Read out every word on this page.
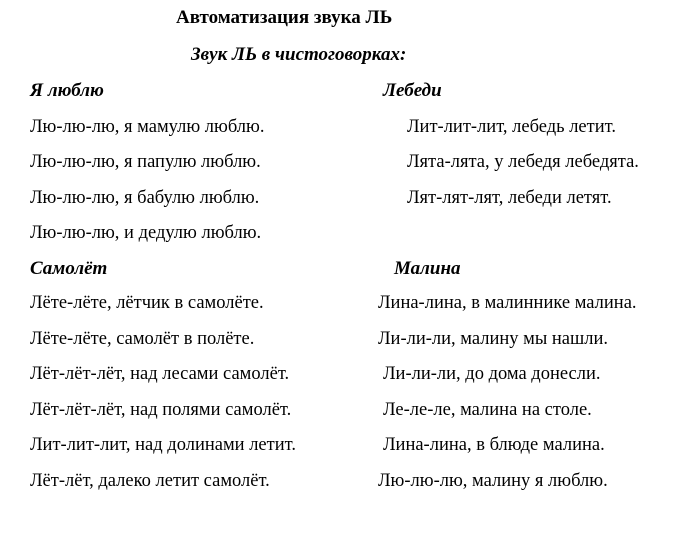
Автоматизация звука ЛЬ
Звук ЛЬ в чистоговорках:
Я люблю
Лю-лю-лю, я мамулю люблю.
Лю-лю-лю, я папулю люблю.
Лю-лю-лю, я бабулю люблю.
Лю-лю-лю, и дедулю люблю.
Лебеди
Лит-лит-лит, лебедь летит.
Лята-лята, у лебедя лебедята.
Лят-лят-лят, лебеди летят.
Самолёт
Лёте-лёте, лётчик в самолёте.
Лёте-лёте, самолёт в полёте.
Лёт-лёт-лёт, над лесами самолёт.
Лёт-лёт-лёт, над полями самолёт.
Лит-лит-лит, над долинами летит.
Лёт-лёт, далеко летит самолёт.
Малина
Лина-лина, в малиннике малина.
Ли-ли-ли, малину мы нашли.
Ли-ли-ли, до дома донесли.
Ле-ле-ле, малина на столе.
Лина-лина, в блюде малина.
Лю-лю-лю, малину я люблю.
